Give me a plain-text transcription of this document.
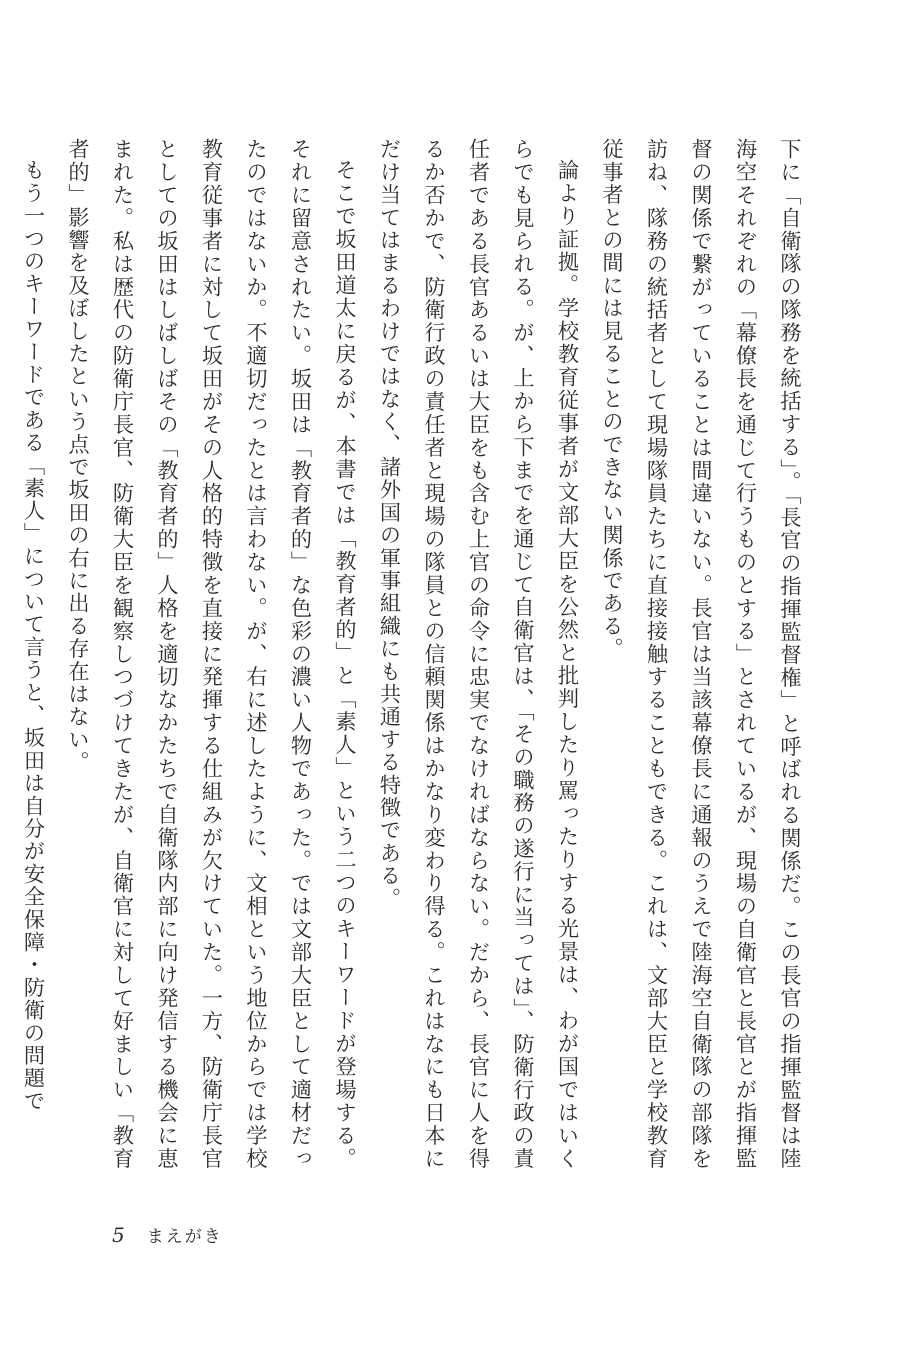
下に「自衛隊の隊務を統括する」。「長官の指揮監督権」と呼ばれる関係だ。この長官の指揮監督は陸海空それぞれの「幕僚長を通じて行うものとする」とされているが、現場の自衛官と長官とが指揮監督の関係で繋がっていることは間違いない。長官は当該幕僚長に通報のうえで陸海空自衛隊の部隊を訪ね、隊務の統括者として現場隊員たちに直接接触することもできる。これは、文部大臣と学校教育従事者との間には見ることのできない関係である。

論より証拠。学校教育従事者が文部大臣を公然と批判したり罵ったりする光景は、わが国ではいくらでも見られる。が、上から下までを通じて自衛官は、「その職務の遂行に当っては」、防衛行政の責任者である長官あるいは大臣をも含む上官の命令に忠実でなければならない。だから、長官に人を得るか否かで、防衛行政の責任者と現場の隊員との信頼関係はかなり変わり得る。これはなにも日本にだけ当てはまるわけではなく、諸外国の軍事組織にも共通する特徴である。

そこで坂田道太に戻るが、本書では「教育者的」と「素人」という二つのキーワードが登場する。それに留意されたい。坂田は「教育者的」な色彩の濃い人物であった。では文部大臣として適材だったのではないか。不適切だったとは言わない。が、右に述したように、文相という地位からでは学校教育従事者に対して坂田がその人格的特徴を直接に発揮する仕組みが欠けていた。一方、防衛庁長官としての坂田はしばしばその「教育者的」人格を適切なかたちで自衛隊内部に向け発信する機会に恵まれた。私は歴代の防衛庁長官、防衛大臣を観察しつづけてきたが、自衛官に対して好ましい「教育者的」影響を及ぼしたという点で坂田の右に出る存在はない。

もう一つのキーワードである「素人」について言うと、坂田は自分が安全保障・防衛の問題で

5 まえがき
